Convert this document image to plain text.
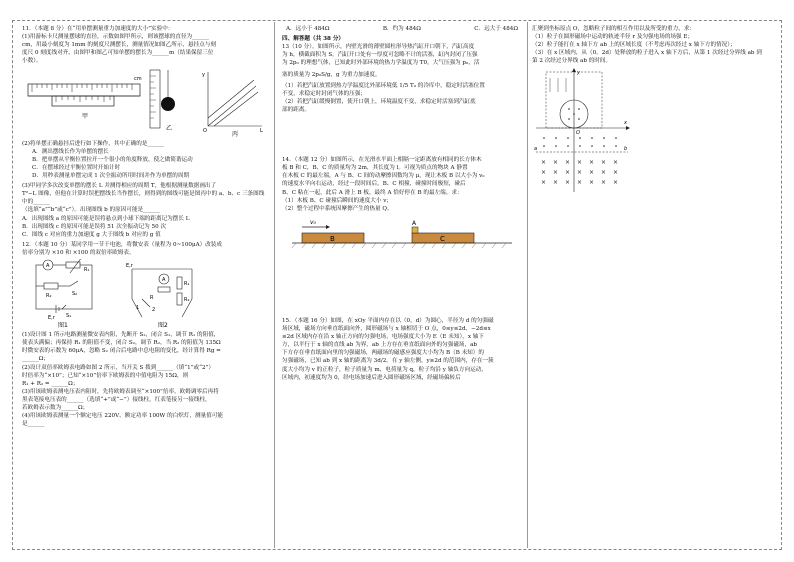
11．（本题 8 分）在“用单摆测量重力加速度的大小”实验中：

(1)用游标卡尺测量摆球的直径，示数如图甲所示，则该摆球的直径为______

cm，用最小刻度为 1mm 的刻度尺测摆长，测量情况如图乙所示，悬挂点与刻

度尺 0 刻度线对齐，由图甲和图乙可知单摆的摆长为______m（结果保留三位

小数）。

cm
甲
乙
y
L
O	丙

(2)将单摆正确悬挂后进行如下操作，其中正确的是______

A．测出摆线长作为单摆的摆长

B．把单摆从平衡位置拉开一个很小的角度释放，使之做简谐运动

C．在摆球经过平衡位置时开始计时

D．用秒表测量单摆完成 1 次全振动所用时间并作为单摆的周期

(3)甲同学多次改变单摆的摆长 L 并测得相应的周期 T，他根据测量数据画出了

T²−L 图像，但他在计算时误把摆线长当作摆长，则得到的图线可能是图丙中的 a、b、c 三条图线中的______

（选填“a”“b”或“c”）。出现图线 b 的原因可能是______

A．出现图线 a 的原因可能是误将悬点到小球下端的距离记为摆长 L

B．出现图线 c 的原因可能是误将 51 次全振动记为 50 次

C．图线 c 对应的重力加速度 g 大于图线 b 对应的 g 值

12．（本题 10 分）某同学用一节干电池，将微安表（量程为 0~100μA）改装成

倍率分别为 ×10 和 ×100 的双倍率欧姆表。

A
R₁
R₂	S₂
S₁
E,r
图1
E,r
A
R₁
R₂
R
1	2
图2

(1)设计图 1 所示电路测量微安表内阻，先断开 S₂，闭合 S₁，调节 R₁ 的阻值，

使表头满偏；再保持 R₁ 的阻值不变，闭合 S₂，调节 R₂，当 R₂ 的阻值为 135Ω

时微安表的示数为 60μA，忽略 S₂ 闭合后电路中总电阻的变化，经计算得 Rg =

______Ω；

(2)设计双倍率欧姆表电路如图 2 所示，当开关 S 拨到______（填“1”或“2”）

时倍率为“×10”；已知“×10”倍率下欧姆表的中值电阻为 15Ω，则

R₁ + R₂ = ______Ω；

(3)用该欧姆表测电压表内阻时，先将欧姆表调至“×100”倍率，欧姆调零后再将

黑表笔接电压表的______（选填“+”或“−”）接线柱，红表笔接另一接线柱，

若欧姆表示数为______Ω；

(4)用该欧姆表测量一个额定电压 220V、额定功率 100W 的白炽灯，测量值可能

是______

A．远小于 484Ω	B．约为 484Ω	C．远大于 484Ω

四、解答题（共 38 分）

13（10 分）。如图所示，内壁光滑的薄壁圆柱形导热汽缸开口朝下，汽缸高度

为 h，横截面积为 S。汽缸开口处有一厚度可忽略不计的活塞，缸内封闭了压强

为 2p₀ 的理想气体，已知此时外部环境的热力学温度为 T0，大气压强为 p₀，活

塞的质量为 2p₀S/g，g 为重力加速度。

（1）若把汽缸放置到热力学温度比外部环境低 1/5 T₀ 的冷库中，稳定时活塞位置

不变，求稳定时封闭气体的压强；

（2）若把汽缸缓慢倒置，使开口朝上，环境温度不变，求稳定时活塞到汽缸底

部的距离。

14．（本题 12 分）如图所示，在光滑水平面上相隔一定距离放有相同的长方体木

板 B 和 C，B、C 的质量均为 2m，其长度为 l。可视为质点的物块 A 静置

在木板 C 的最左端，A 与 B、C 间的动摩擦因数均为 μ，现让木板 B 以大小为 v₀

的速度水平向右运动，经过一段时间后，B、C 相撞，碰撞时间极短，碰后

B、C 粘在一起，此后 A 滑上 B 板，最终 A 恰好停在 B 的最左端。求：

（1）木板 B、C 碰撞后瞬间的速度大小 v；

（2）整个过程中系统因摩擦产生的热量 Q。

v₀
B	C
A

15．（本题 16 分）如图，在 xOy 平面内存在以（0，d）为圆心，半径为 d 的匀强磁

场区域，磁场方向垂直纸面向外，圆形磁场与 x 轴相切于 O 点，0≤y≤2d、−2d≤x

≤2d 区域内存在沿 x 轴正方向的匀强电场，电场强度大小为 E（E 未知），x 轴下

方，以平行于 x 轴的直线 ab 为界，ab 上方存在垂直纸面向外的匀强磁场，ab

下方存在垂直纸面向里的匀强磁场，两磁场的磁感应强度大小均为 B（B 未知）的

匀强磁场，已知 ab 到 x 轴的距离为 3d/2。在 y 轴左侧，y≥2d 的范围内，存在一簇

度大小均为 v 的正粒子，粒子质量为 m，电荷量为 q，粒子均沿 y 轴负方向运动，

区域内，初速度均为 0，经电场加速后进入圆形磁场区域，经磁场偏转后

汇聚到坐标原点 O，忽略粒子间的相互作用以及所受的重力，求：

（1）粒子在圆形磁场中运动的轨迹半径 r 及匀强电场的场强 E；

（2）粒子能打在 x 轴下方 ab 上的区域长度（不考虑再次经过 x 轴下方的情况）；

（3）在 x 区域内，从（0，2d）处释放的粒子进入 x 轴下方后，从第 1 次经过分界线 ab 到

第 2 次经过分界线 ab 的时间。

y
x
O
a	b
× × × × × × ×
× × × × × × ×
× × × × × × ×
